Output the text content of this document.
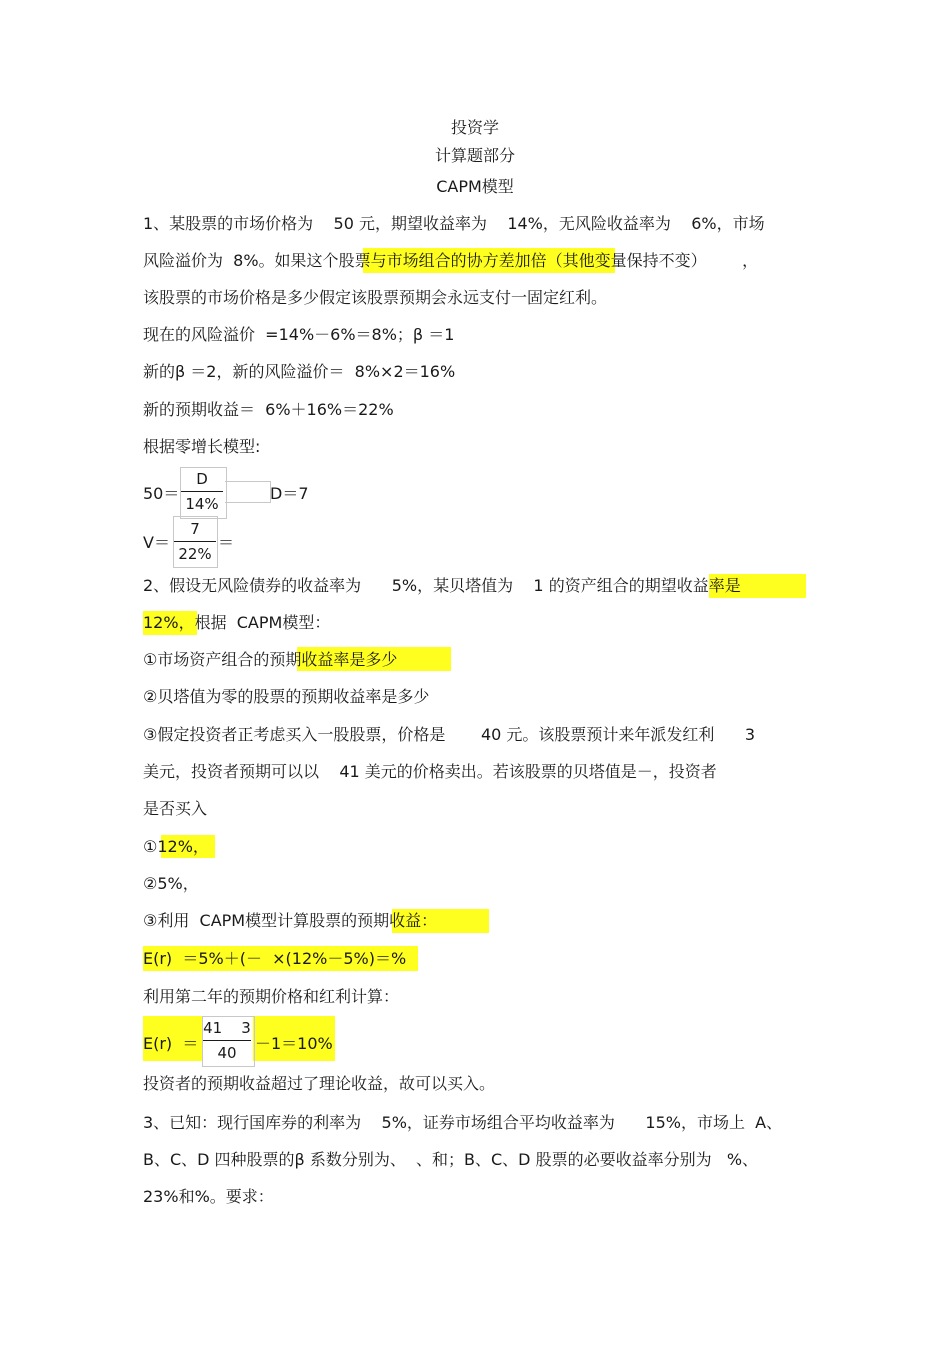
投资学
计算题部分
CAPM模型
1、某股票的市场价格为    50 元，期望收益率为    14%，无风险收益率为    6%，市场
风险溢价为  8%。如果这个股票与市场组合的协方差加倍（其他变量保持不变）       ，
该股票的市场价格是多少假定该股票预期会永远支付一固定红利。
现在的风险溢价  =14%－6%＝8%；β ＝1
新的β ＝2，新的风险溢价＝  8%×2＝16%
新的预期收益＝  6%＋16%＝22%
根据零增长模型:
50＝
D
14%
D＝7
V＝
7
22%
＝
2、假设无风险债券的收益率为      5%，某贝塔值为    1 的资产组合的期望收益率是
12%，根据  CAPM模型：
①市场资产组合的预期收益率是多少
②贝塔值为零的股票的预期收益率是多少
③假定投资者正考虑买入一股股票，价格是       40 元。该股票预计来年派发红利      3
美元，投资者预期可以以    41 美元的价格卖出。若该股票的贝塔值是－，投资者
是否买入
①12%，
②5%，
③利用  CAPM模型计算股票的预期收益：
E(r)  ＝5%＋(－  ×(12%－5%)＝%
利用第二年的预期价格和红利计算：
E(r)  ＝
41    3
40	－1＝10%
投资者的预期收益超过了理论收益，故可以买入。
3、已知：现行国库券的利率为    5%，证券市场组合平均收益率为      15%，市场上  A、
B、C、D 四种股票的β 系数分别为、  、和；B、C、D 股票的必要收益率分别为   %、
23%和%。要求：
